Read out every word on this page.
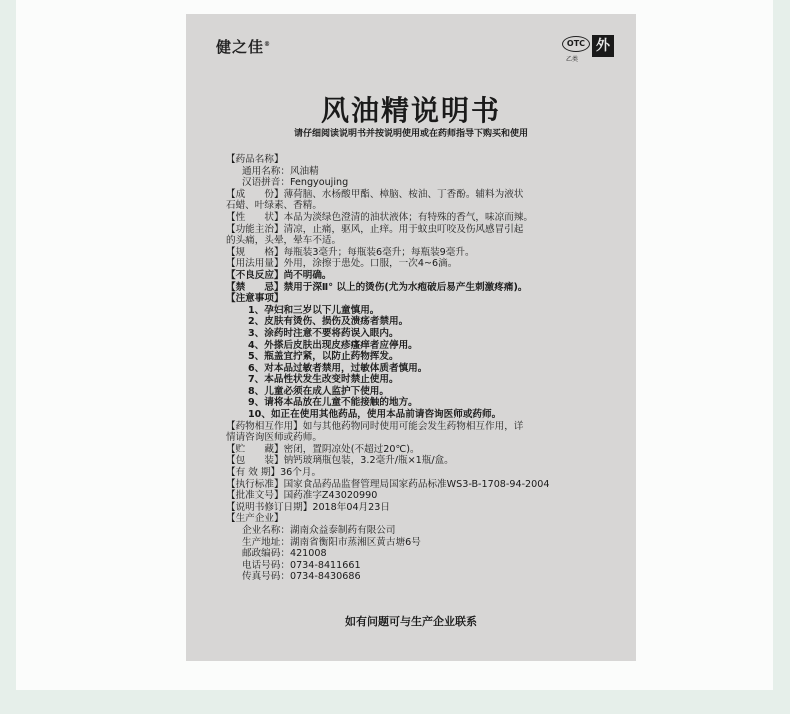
健之佳®	OTC
乙类
外
风油精说明书
请仔细阅读说明书并按说明使用或在药师指导下购买和使用
【药品名称】
通用名称：风油精
汉语拼音：Fengyoujing
【成　　份】薄荷脑、水杨酸甲酯、樟脑、桉油、丁香酚。辅料为液状
石蜡、叶绿素、香精。
【性　　状】本品为淡绿色澄清的油状液体；有特殊的香气，味凉而辣。
【功能主治】清凉，止痛，驱风，止痒。用于蚊虫叮咬及伤风感冒引起
的头痛，头晕，晕车不适。
【规　　格】每瓶装3毫升；每瓶装6毫升；每瓶装9毫升。
【用法用量】外用，涂擦于患处。口服，一次4~6滴。
【不良反应】尚不明确。
【禁　　忌】禁用于深Ⅱ° 以上的烫伤(尤为水疱破后易产生刺激疼痛)。
【注意事项】
1、孕妇和三岁以下儿童慎用。
2、皮肤有烫伤、损伤及溃疡者禁用。
3、涂药时注意不要将药误入眼内。
4、外搽后皮肤出现皮疹瘙痒者应停用。
5、瓶盖宜拧紧，以防止药物挥发。
6、对本品过敏者禁用，过敏体质者慎用。
7、本品性状发生改变时禁止使用。
8、儿童必须在成人监护下使用。
9、请将本品放在儿童不能接触的地方。
10、如正在使用其他药品，使用本品前请咨询医师或药师。
【药物相互作用】如与其他药物同时使用可能会发生药物相互作用，详
情请咨询医师或药师。
【贮　　藏】密闭，置阴凉处(不超过20℃)。
【包　　装】钠钙玻璃瓶包装，3.2毫升/瓶×1瓶/盒。
【有 效 期】36个月。
【执行标准】国家食品药品监督管理局国家药品标准WS3-B-1708-94-2004
【批准文号】国药准字Z43020990
【说明书修订日期】2018年04月23日
【生产企业】
企业名称：湖南众益泰制药有限公司
生产地址：湖南省衡阳市蒸湘区黄古塘6号
邮政编码：421008
电话号码：0734-8411661
传真号码：0734-8430686
如有问题可与生产企业联系
